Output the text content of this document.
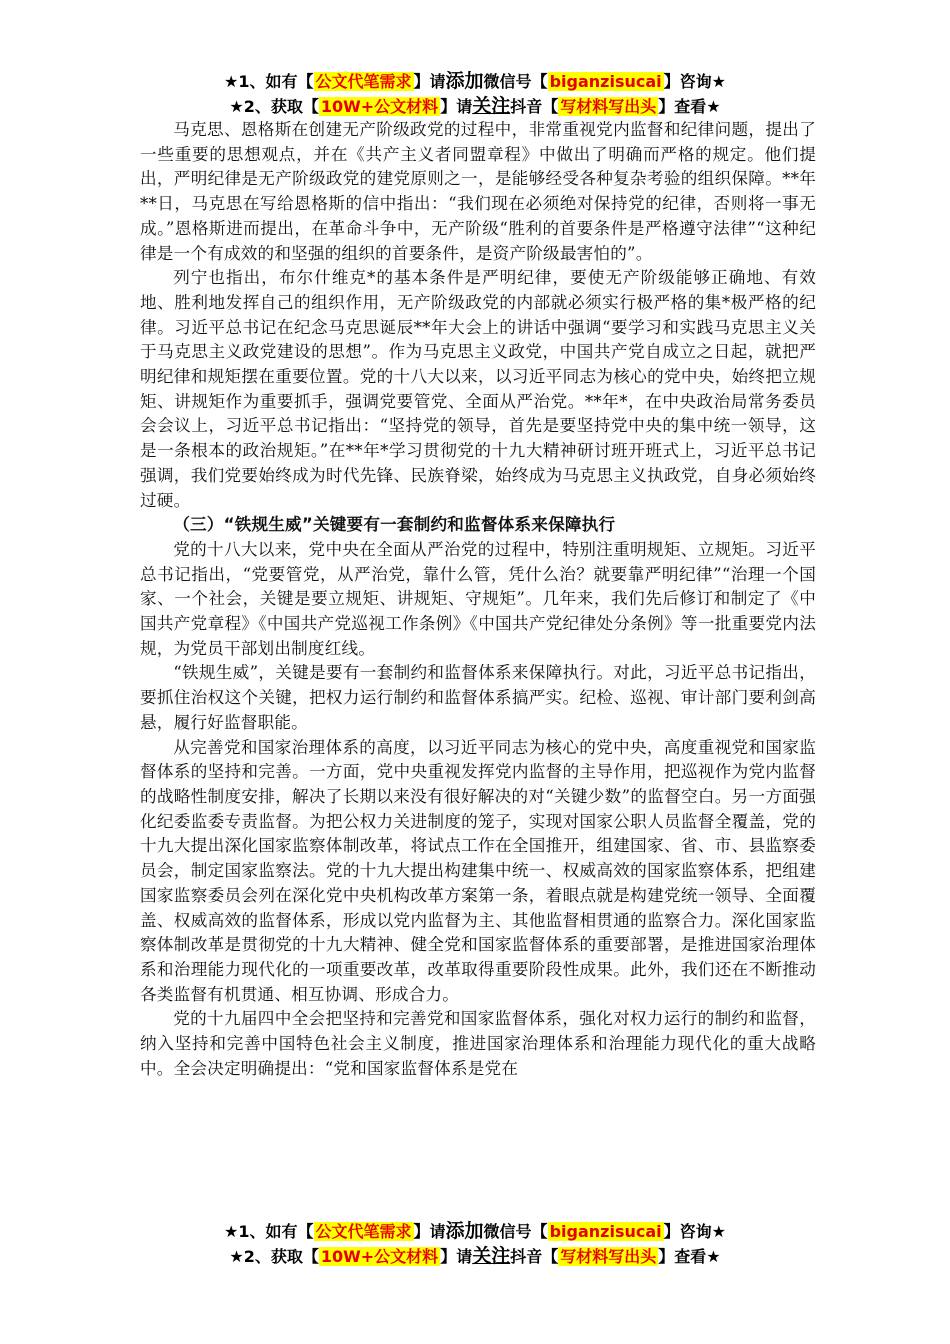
★1、如有【 公文代笔需求 】请添加微信号【 biganzisucai 】咨询★
★2、获取【 10W+公文材料 】请关注抖音【 写材料写出头 】查看★

马克思、恩格斯在创建无产阶级政党的过程中，非常重视党内监督和纪律问题，提出了一些重要的思想观点，并在《共产主义者同盟章程》中做出了明确而严格的规定。他们提出，严明纪律是无产阶级政党的建党原则之一，是能够经受各种复杂考验的组织保障。**年**日，马克思在写给恩格斯的信中指出：“我们现在必须绝对保持党的纪律，否则将一事无成。”恩格斯进而提出，在革命斗争中，无产阶级“胜利的首要条件是严格遵守法律”“这种纪律是一个有成效的和坚强的组织的首要条件，是资产阶级最害怕的”。

列宁也指出，布尔什维克*的基本条件是严明纪律，要使无产阶级能够正确地、有效地、胜利地发挥自己的组织作用，无产阶级政党的内部就必须实行极严格的集*极严格的纪律。习近平总书记在纪念马克思诞辰**年大会上的讲话中强调“要学习和实践马克思主义关于马克思主义政党建设的思想”。作为马克思主义政党，中国共产党自成立之日起，就把严明纪律和规矩摆在重要位置。党的十八大以来，以习近平同志为核心的党中央，始终把立规矩、讲规矩作为重要抓手，强调党要管党、全面从严治党。**年*，在中央政治局常务委员会会议上，习近平总书记指出：“坚持党的领导，首先是要坚持党中央的集中统一领导，这是一条根本的政治规矩。”在**年*学习贯彻党的十九大精神研讨班开班式上，习近平总书记强调，我们党要始终成为时代先锋、民族脊梁，始终成为马克思主义执政党，自身必须始终过硬。

（三）“铁规生威”关键要有一套制约和监督体系来保障执行

党的十八大以来，党中央在全面从严治党的过程中，特别注重明规矩、立规矩。习近平总书记指出，“党要管党，从严治党，靠什么管，凭什么治？就要靠严明纪律”“治理一个国家、一个社会，关键是要立规矩、讲规矩、守规矩”。几年来，我们先后修订和制定了《中国共产党章程》《中国共产党巡视工作条例》《中国共产党纪律处分条例》等一批重要党内法规，为党员干部划出制度红线。

“铁规生威”，关键是要有一套制约和监督体系来保障执行。对此，习近平总书记指出，要抓住治权这个关键，把权力运行制约和监督体系搞严实。纪检、巡视、审计部门要利剑高悬，履行好监督职能。

从完善党和国家治理体系的高度，以习近平同志为核心的党中央，高度重视党和国家监督体系的坚持和完善。一方面，党中央重视发挥党内监督的主导作用，把巡视作为党内监督的战略性制度安排，解决了长期以来没有很好解决的对“关键少数”的监督空白。另一方面强化纪委监委专责监督。为把公权力关进制度的笼子，实现对国家公职人员监督全覆盖，党的十九大提出深化国家监察体制改革，将试点工作在全国推开，组建国家、省、市、县监察委员会，制定国家监察法。党的十九大提出构建集中统一、权威高效的国家监察体系，把组建国家监察委员会列在深化党中央机构改革方案第一条，着眼点就是构建党统一领导、全面覆盖、权威高效的监督体系，形成以党内监督为主、其他监督相贯通的监察合力。深化国家监察体制改革是贯彻党的十九大精神、健全党和国家监督体系的重要部署，是推进国家治理体系和治理能力现代化的一项重要改革，改革取得重要阶段性成果。此外，我们还在不断推动各类监督有机贯通、相互协调、形成合力。

党的十九届四中全会把坚持和完善党和国家监督体系，强化对权力运行的制约和监督，纳入坚持和完善中国特色社会主义制度，推进国家治理体系和治理能力现代化的重大战略中。全会决定明确提出：“党和国家监督体系是党在

★1、如有【 公文代笔需求 】请添加微信号【 biganzisucai 】咨询★
★2、获取【 10W+公文材料 】请关注抖音【 写材料写出头 】查看★
